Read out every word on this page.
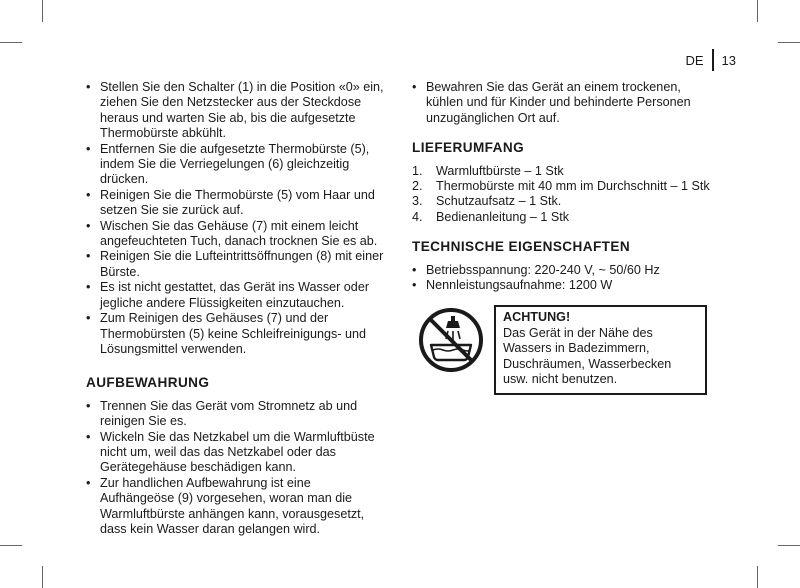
DE	13
• Stellen Sie den Schalter (1) in die Position «0» ein, ziehen Sie den Netzstecker aus der Steckdose heraus und warten Sie ab, bis die aufgesetzte Thermobürste abkühlt.
• Entfernen Sie die aufgesetzte Thermobürste (5), indem Sie die Verriegelungen (6) gleichzeitig drücken.
• Reinigen Sie die Thermobürste (5) vom Haar und setzen Sie sie zurück auf.
• Wischen Sie das Gehäuse (7) mit einem leicht angefeuchteten Tuch, danach trocknen Sie es ab.
• Reinigen Sie die Lufteintrittsöffnungen (8) mit einer Bürste.
• Es ist nicht gestattet, das Gerät ins Wasser oder jegliche andere Flüssigkeiten einzutauchen.
• Zum Reinigen des Gehäuses (7) und der Thermobürsten (5) keine Schleifreinigungs- und Lösungsmittel verwenden.
AUFBEWAHRUNG
• Trennen Sie das Gerät vom Stromnetz ab und reinigen Sie es.
• Wickeln Sie das Netzkabel um die Warmluftbüste nicht um, weil das das Netzkabel oder das Gerätegehäuse beschädigen kann.
• Zur handlichen Aufbewahrung ist eine Aufhängeöse (9) vorgesehen, woran man die Warmluftbürste anhängen kann, vorausgesetzt, dass kein Wasser daran gelangen wird.
• Bewahren Sie das Gerät an einem trockenen, kühlen und für Kinder und behinderte Personen unzugänglichen Ort auf.
LIEFERUMFANG
1.	Warmluftbürste – 1 Stk
2.	Thermobürste mit 40 mm im Durchschnitt – 1 Stk
3.	Schutzaufsatz – 1 Stk.
4.	Bedienanleitung – 1 Stk
TECHNISCHE EIGENSCHAFTEN
• Betriebsspannung: 220-240 V, ~ 50/60 Hz
• Nennleistungsaufnahme: 1200 W
ACHTUNG!
Das Gerät in der Nähe des Wassers in Badezimmern, Duschräumen, Wasserbecken usw. nicht benutzen.
